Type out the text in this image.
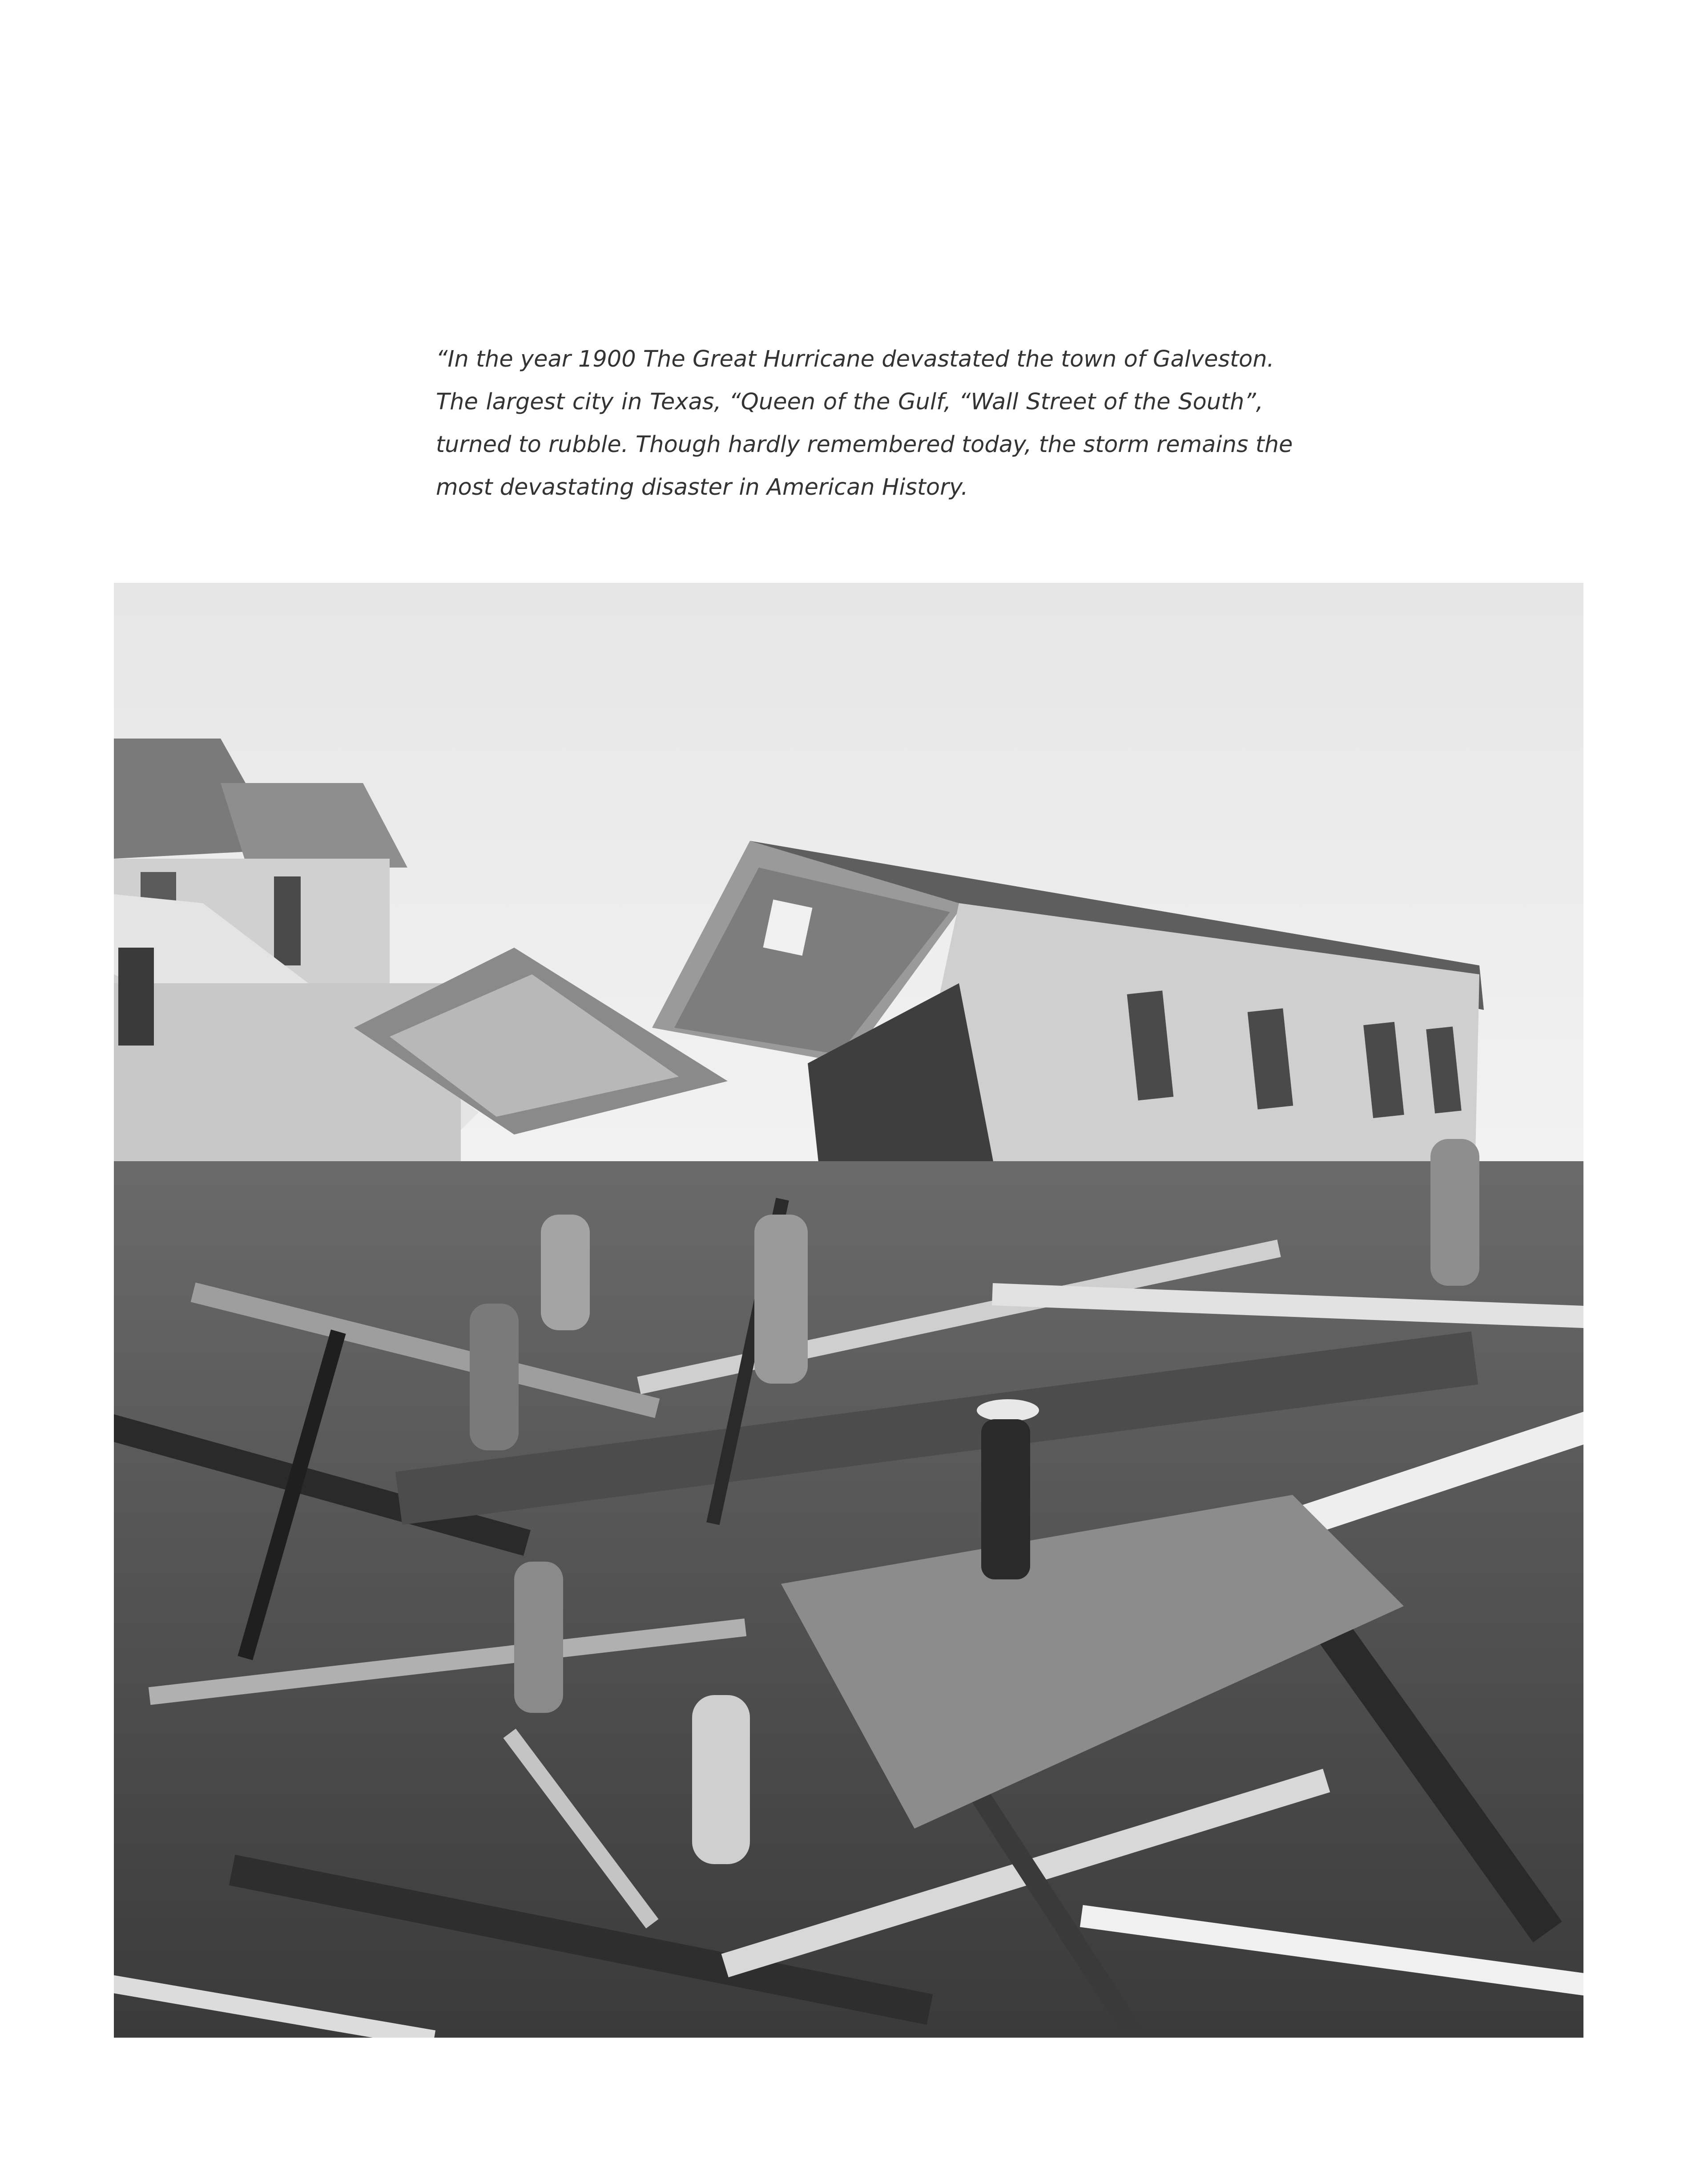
“In the year 1900 The Great Hurricane devastated the town of Galveston.
The largest city in Texas, “Queen of the Gulf, “Wall Street of the South”,
turned to rubble. Though hardly remembered today, the storm remains the
most devastating disaster in American History.
